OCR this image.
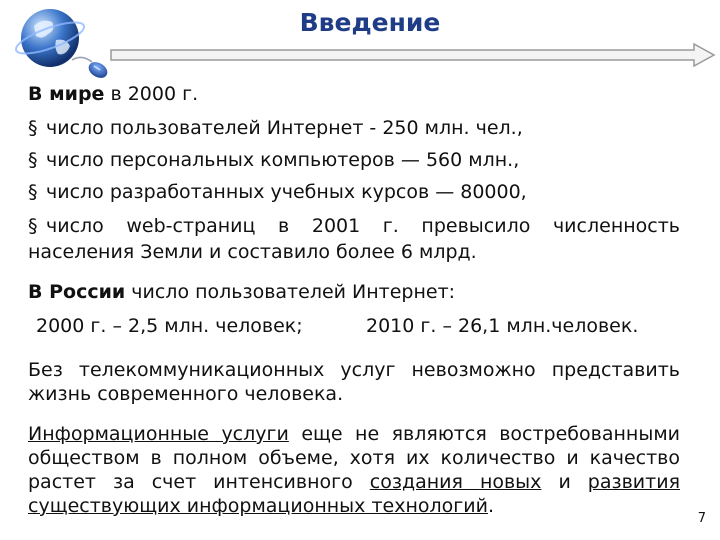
Введение
В мире в 2000 г.
§ число пользователей Интернет - 250 млн. чел.,
§ число персональных компьютеров — 560 млн.,
§ число разработанных учебных курсов — 80000,
§ число web-страниц в 2001 г. превысило численность
населения Земли и составило более 6 млрд.
В России число пользователей Интернет:
2000 г. – 2,5 млн. человек;	2010 г. – 26,1 млн.человек.
Без телекоммуникационных услуг невозможно представить жизнь современного человека.
Информационные услуги еще не являются востребованными обществом в полном объеме, хотя их количество и качество растет за счет интенсивного создания новых и развития существующих информационных технологий.
7
